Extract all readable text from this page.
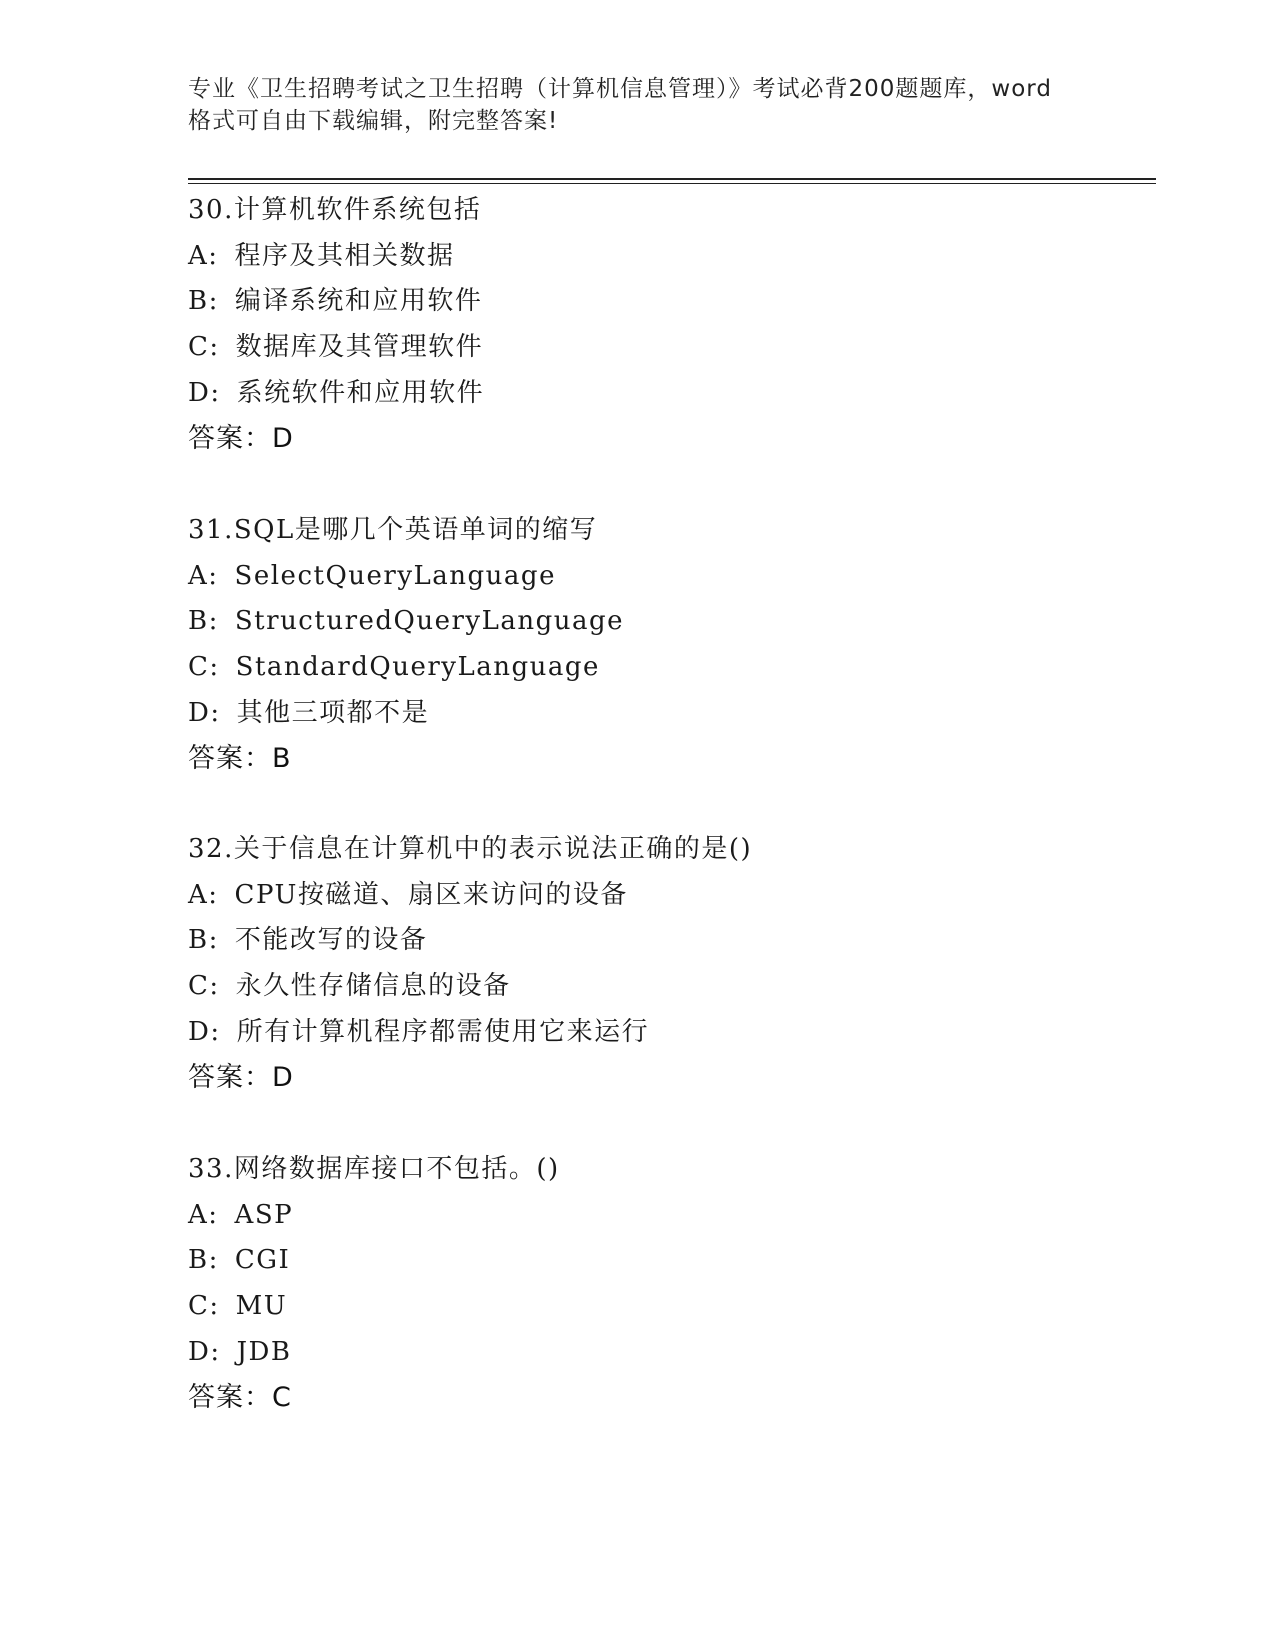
专业《卫生招聘考试之卫生招聘（计算机信息管理）》考试必背200题题库，word
格式可自由下载编辑，附完整答案!
30.计算机软件系统包括
A: 程序及其相关数据
B: 编译系统和应用软件
C: 数据库及其管理软件
D: 系统软件和应用软件
答案：D
31.SQL是哪几个英语单词的缩写
A: SelectQueryLanguage
B: StructuredQueryLanguage
C: StandardQueryLanguage
D: 其他三项都不是
答案：B
32.关于信息在计算机中的表示说法正确的是()
A: CPU按磁道、扇区来访问的设备
B: 不能改写的设备
C: 永久性存储信息的设备
D: 所有计算机程序都需使用它来运行
答案：D
33.网络数据库接口不包括。()
A: ASP
B: CGI
C: MU
D: JDB
答案：C
